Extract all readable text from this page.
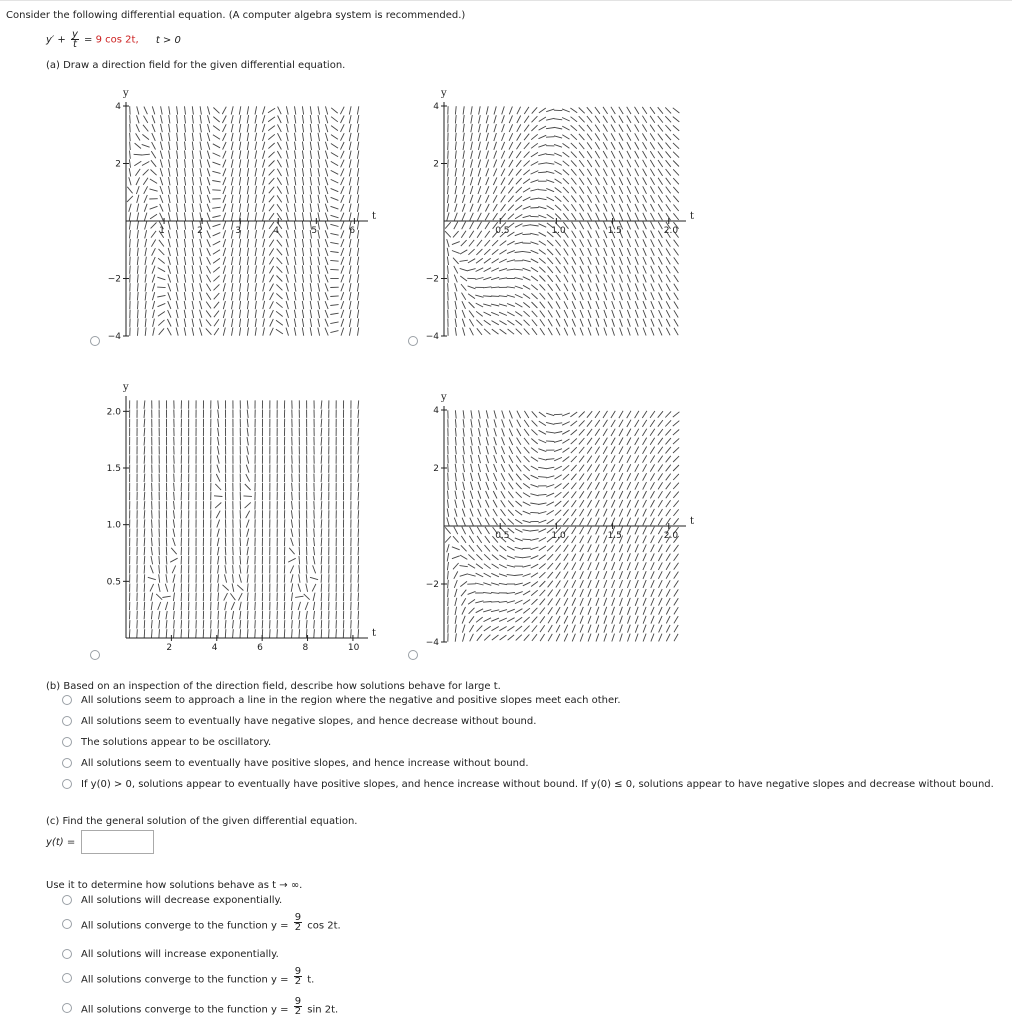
Consider the following differential equation. (A computer algebra system is recommended.)
$y' + \frac{y}{t} = 9$ cos 2t, t > 0
(a) Draw a direction field for the given differential equation.
t
y
1	2	3	4	5	6
4
2
−2
−4
t
y
0.5	1.0	1.5	2.0
4
2
−2
−4
t
y
2	4	6	8	10
2.0
1.5
1.0
0.5
t
y
0.5	1.0	1.5	2.0
4
2
−2
−4
(b) Based on an inspection of the direction field, describe how solutions behave for large t.
All solutions seem to approach a line in the region where the negative and positive slopes meet each other.
All solutions seem to eventually have negative slopes, and hence decrease without bound.
The solutions appear to be oscillatory.
All solutions seem to eventually have positive slopes, and hence increase without bound.
If y(0) > 0, solutions appear to eventually have positive slopes, and hence increase without bound. If y(0) ≤ 0, solutions appear to have negative slopes and decrease without bound.
(c) Find the general solution of the given differential equation.
y(t) =
Use it to determine how solutions behave as t → ∞.
All solutions will decrease exponentially.
All solutions converge to the function $y = \frac{9}{2}$ cos 2t.
All solutions will increase exponentially.
All solutions converge to the function $y = \frac{9}{2} t$.
All solutions converge to the function $y = \frac{9}{2}$ sin 2t.
